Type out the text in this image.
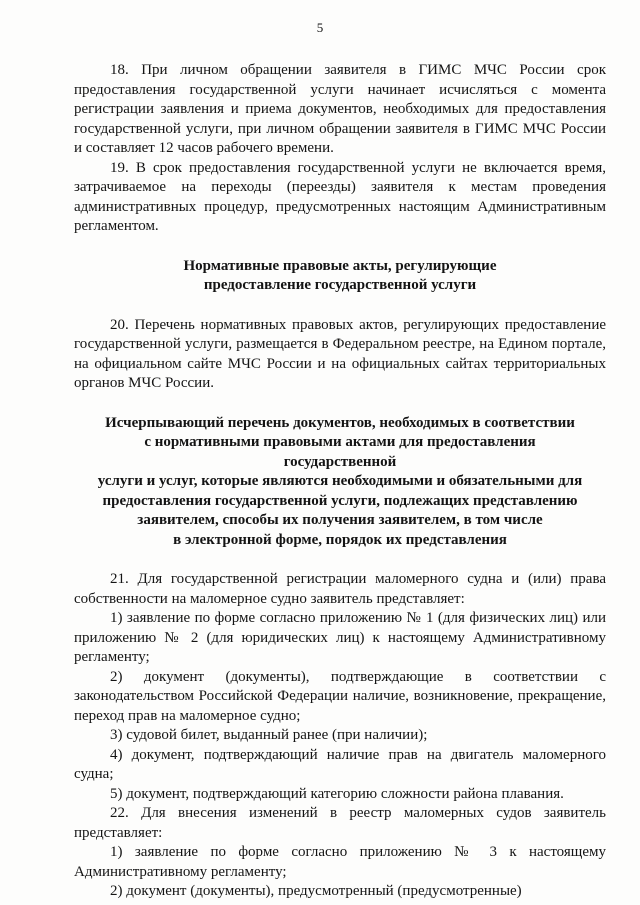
5

18. При личном обращении заявителя в ГИМС МЧС России срок предоставления государственной услуги начинает исчисляться с момента регистрации заявления и приема документов, необходимых для предоставления государственной услуги, при личном обращении заявителя в ГИМС МЧС России и составляет 12 часов рабочего времени.

19. В срок предоставления государственной услуги не включается время, затрачиваемое на переходы (переезды) заявителя к местам проведения административных процедур, предусмотренных настоящим Административным регламентом.

Нормативные правовые акты, регулирующие

предоставление государственной услуги

20. Перечень нормативных правовых актов, регулирующих предоставление государственной услуги, размещается в Федеральном реестре, на Едином портале, на официальном сайте МЧС России и на официальных сайтах территориальных органов МЧС России.

Исчерпывающий перечень документов, необходимых в соответствии

с нормативными правовыми актами для предоставления государственной

услуги и услуг, которые являются необходимыми и обязательными для

предоставления государственной услуги, подлежащих представлению

заявителем, способы их получения заявителем, в том числе

в электронной форме, порядок их представления

21. Для государственной регистрации маломерного судна и (или) права собственности на маломерное судно заявитель представляет:

1) заявление по форме согласно приложению № 1 (для физических лиц) или приложению № 2 (для юридических лиц) к настоящему Административному регламенту;

2) документ (документы), подтверждающие в соответствии с законодательством Российской Федерации наличие, возникновение, прекращение, переход прав на маломерное судно;

3) судовой билет, выданный ранее (при наличии);

4) документ, подтверждающий наличие прав на двигатель маломерного судна;

5) документ, подтверждающий категорию сложности района плавания.

22. Для внесения изменений в реестр маломерных судов заявитель представляет:

1) заявление по форме согласно приложению № 3 к настоящему Административному регламенту;

2) документ (документы), предусмотренный (предусмотренные)
